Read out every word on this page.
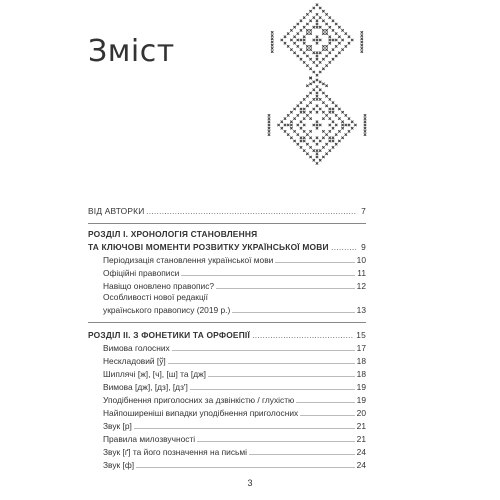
Зміст
ВІД АВТОРКИ	7
РОЗДІЛ І. ХРОНОЛОГІЯ СТАНОВЛЕННЯ
ТА КЛЮЧОВІ МОМЕНТИ РОЗВИТКУ УКРАЇНСЬКОЇ МОВИ	9
Періодизація становлення української мови	10
Офіційні правописи	11
Навіщо оновлено правопис?	12
Особливості нової редакції
українського правопису (2019 р.)	13
РОЗДІЛ ІІ. З ФОНЕТИКИ ТА ОРФОЕПІЇ	15
Вимова голосних	17
Нескладовий [ў]	18
Шиплячі [ж], [ч], [ш] та [дж]	18
Вимова [дж], [дз], [дз']	19
Уподібнення приголосних за дзвінкістю / глухістю	19
Найпоширеніші випадки уподібнення приголосних	20
Звук [р]	21
Правила милозвучності	21
Звук [ґ] та його позначення на письмі	24
Звук [ф]	24
3
